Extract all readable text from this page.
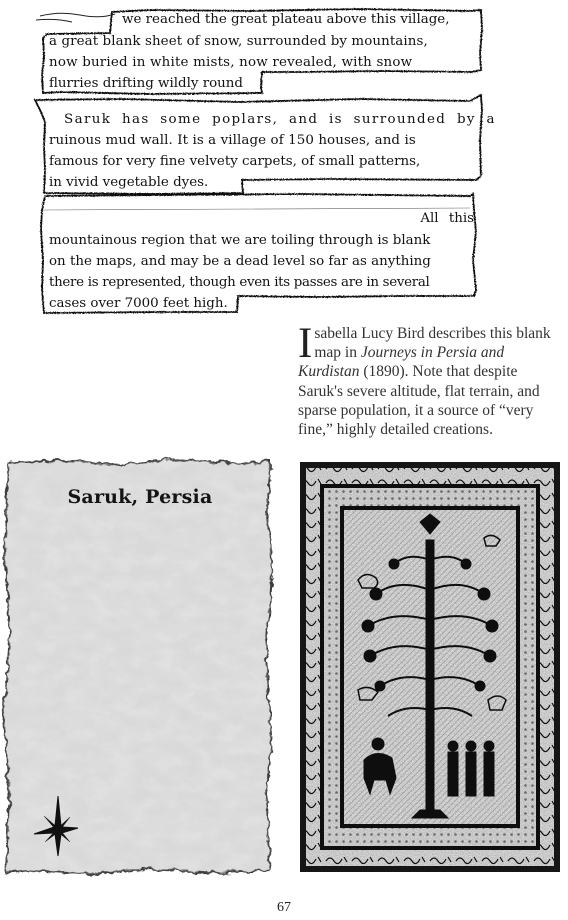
we reached the great plateau above this village,
a great blank sheet of snow, surrounded by mountains,
now buried in white mists, now revealed, with snow
flurries drifting wildly round
Saruk has some poplars, and is surrounded by a
ruinous mud wall. It is a village of 150 houses, and is
famous for very fine velvety carpets, of small patterns,
in vivid vegetable dyes.
All this
mountainous region that we are toiling through is blank
on the maps, and may be a dead level so far as anything
there is represented, though even its passes are in several
cases over 7000 feet high.
Isabella Lucy Bird describes this blank map in Journeys in Persia and Kurdistan (1890). Note that despite Saruk's severe altitude, flat terrain, and sparse population, it a source of “very fine,” highly detailed creations.
Saruk, Persia
67
